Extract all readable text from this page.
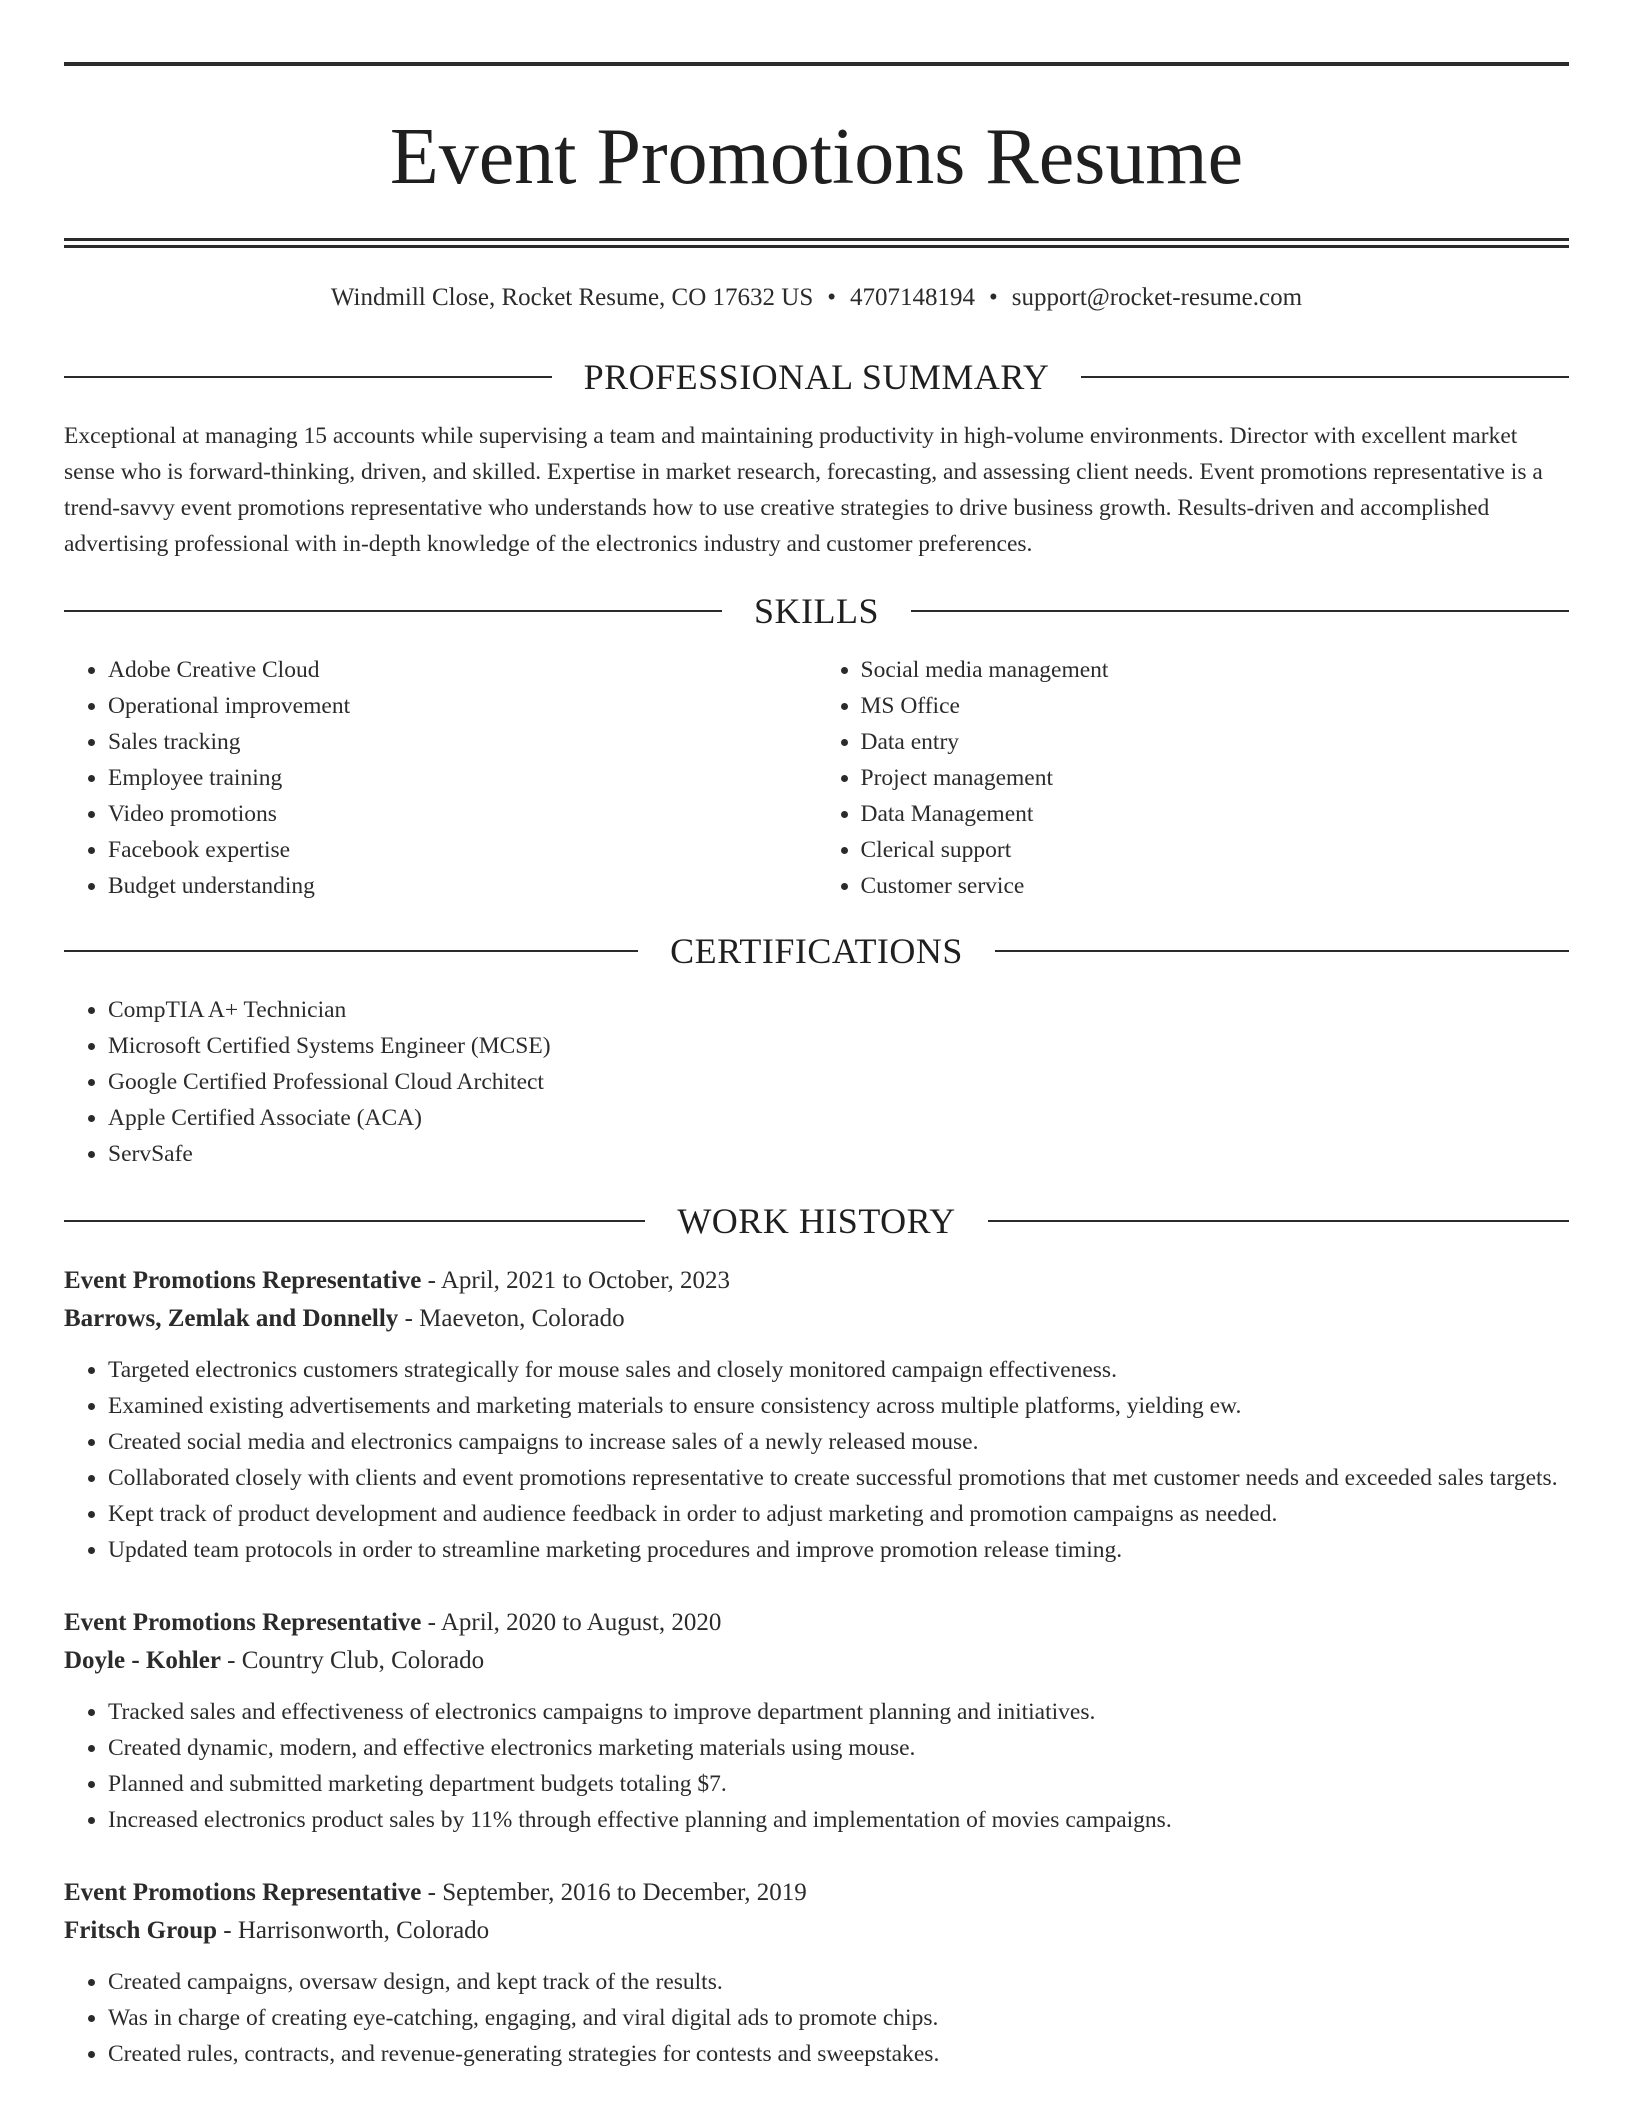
Event Promotions Resume
Windmill Close, Rocket Resume, CO 17632 US • 4707148194 • support@rocket-resume.com
PROFESSIONAL SUMMARY

Exceptional at managing 15 accounts while supervising a team and maintaining productivity in high-volume environments. Director with excellent market sense who is forward-thinking, driven, and skilled. Expertise in market research, forecasting, and assessing client needs. Event promotions representative is a trend-savvy event promotions representative who understands how to use creative strategies to drive business growth. Results-driven and accomplished advertising professional with in-depth knowledge of the electronics industry and customer preferences.

SKILLS
• Adobe Creative Cloud
• Operational improvement
• Sales tracking
• Employee training
• Video promotions
• Facebook expertise
• Budget understanding
• Social media management
• MS Office
• Data entry
• Project management
• Data Management
• Clerical support
• Customer service
CERTIFICATIONS
• CompTIA A+ Technician
• Microsoft Certified Systems Engineer (MCSE)
• Google Certified Professional Cloud Architect
• Apple Certified Associate (ACA)
• ServSafe
WORK HISTORY
Event Promotions Representative - April, 2021 to October, 2023
Barrows, Zemlak and Donnelly - Maeveton, Colorado
• Targeted electronics customers strategically for mouse sales and closely monitored campaign effectiveness.
• Examined existing advertisements and marketing materials to ensure consistency across multiple platforms, yielding ew.
• Created social media and electronics campaigns to increase sales of a newly released mouse.
• Collaborated closely with clients and event promotions representative to create successful promotions that met customer needs and exceeded sales targets.
• Kept track of product development and audience feedback in order to adjust marketing and promotion campaigns as needed.
• Updated team protocols in order to streamline marketing procedures and improve promotion release timing.
Event Promotions Representative - April, 2020 to August, 2020
Doyle - Kohler - Country Club, Colorado
• Tracked sales and effectiveness of electronics campaigns to improve department planning and initiatives.
• Created dynamic, modern, and effective electronics marketing materials using mouse.
• Planned and submitted marketing department budgets totaling $7.
• Increased electronics product sales by 11% through effective planning and implementation of movies campaigns.
Event Promotions Representative - September, 2016 to December, 2019
Fritsch Group - Harrisonworth, Colorado
• Created campaigns, oversaw design, and kept track of the results.
• Was in charge of creating eye-catching, engaging, and viral digital ads to promote chips.
• Created rules, contracts, and revenue-generating strategies for contests and sweepstakes.
